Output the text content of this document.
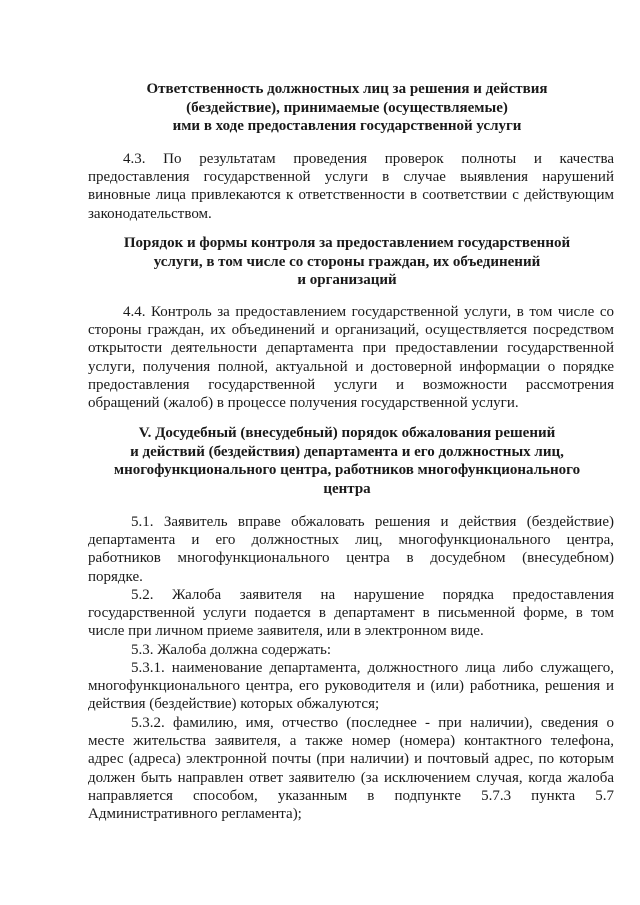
Ответственность должностных лиц за решения и действия
(бездействие), принимаемые (осуществляемые)
ими в ходе предоставления государственной услуги
4.3. По результатам проведения проверок полноты и качества
предоставления государственной услуги в случае выявления нарушений
виновные лица привлекаются к ответственности в соответствии с действующим
законодательством.
Порядок и формы контроля за предоставлением государственной
услуги, в том числе со стороны граждан, их объединений
и организаций
4.4. Контроль за предоставлением государственной услуги, в том числе со
стороны граждан, их объединений и организаций, осуществляется посредством
открытости деятельности департамента при предоставлении государственной
услуги, получения полной, актуальной и достоверной информации о порядке
предоставления государственной услуги и возможности рассмотрения
обращений (жалоб) в процессе получения государственной услуги.
V. Досудебный (внесудебный) порядок обжалования решений
и действий (бездействия) департамента и его должностных лиц,
многофункционального центра, работников многофункционального
центра
5.1. Заявитель вправе обжаловать решения и действия (бездействие)
департамента и его должностных лиц, многофункционального центра,
работников многофункционального центра в досудебном (внесудебном)
порядке.
5.2. Жалоба заявителя на нарушение порядка предоставления
государственной услуги подается в департамент в письменной форме, в том
числе при личном приеме заявителя, или в электронном виде.
5.3. Жалоба должна содержать:
5.3.1. наименование департамента, должностного лица либо служащего,
многофункционального центра, его руководителя и (или) работника, решения и
действия (бездействие) которых обжалуются;
5.3.2. фамилию, имя, отчество (последнее - при наличии), сведения о
месте жительства заявителя, а также номер (номера) контактного телефона,
адрес (адреса) электронной почты (при наличии) и почтовый адрес, по которым
должен быть направлен ответ заявителю (за исключением случая, когда жалоба
направляется способом, указанным в подпункте 5.7.3 пункта 5.7
Административного регламента);
